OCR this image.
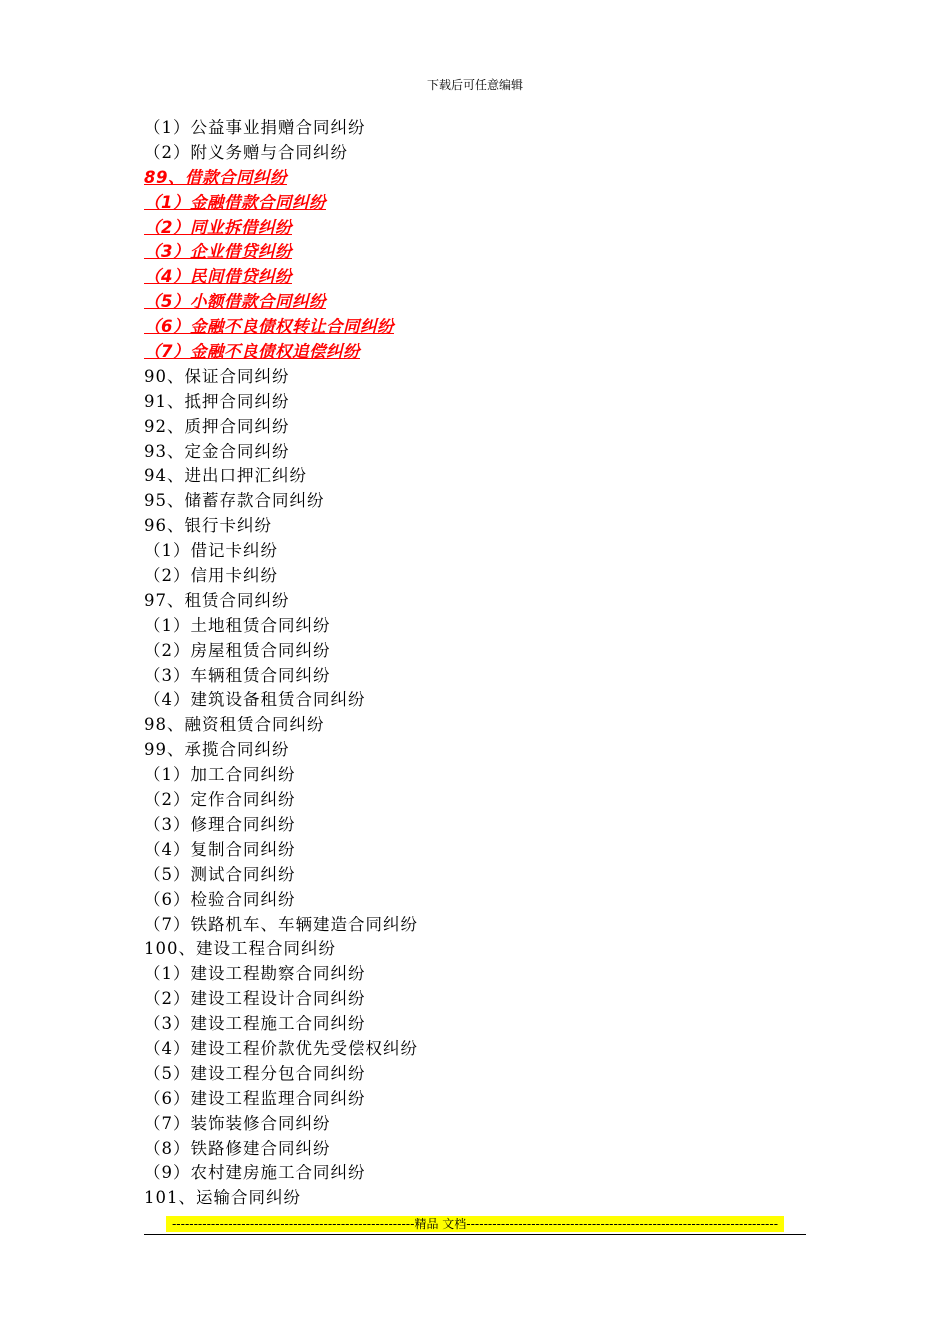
下载后可任意编辑
（1）公益事业捐赠合同纠纷
（2）附义务赠与合同纠纷
89、借款合同纠纷
（1）金融借款合同纠纷
（2）同业拆借纠纷
（3）企业借贷纠纷
（4）民间借贷纠纷
（5）小额借款合同纠纷
（6）金融不良债权转让合同纠纷
（7）金融不良债权追偿纠纷
90、保证合同纠纷
91、抵押合同纠纷
92、质押合同纠纷
93、定金合同纠纷
94、进出口押汇纠纷
95、储蓄存款合同纠纷
96、银行卡纠纷
（1）借记卡纠纷
（2）信用卡纠纷
97、租赁合同纠纷
（1）土地租赁合同纠纷
（2）房屋租赁合同纠纷
（3）车辆租赁合同纠纷
（4）建筑设备租赁合同纠纷
98、融资租赁合同纠纷
99、承揽合同纠纷
（1）加工合同纠纷
（2）定作合同纠纷
（3）修理合同纠纷
（4）复制合同纠纷
（5）测试合同纠纷
（6）检验合同纠纷
（7）铁路机车、车辆建造合同纠纷
100、建设工程合同纠纷
（1）建设工程勘察合同纠纷
（2）建设工程设计合同纠纷
（3）建设工程施工合同纠纷
（4）建设工程价款优先受偿权纠纷
（5）建设工程分包合同纠纷
（6）建设工程监理合同纠纷
（7）装饰装修合同纠纷
（8）铁路修建合同纠纷
（9）农村建房施工合同纠纷
101、运输合同纠纷
--------------------------------------------------------精品 文档------------------------------------------------------------------------
